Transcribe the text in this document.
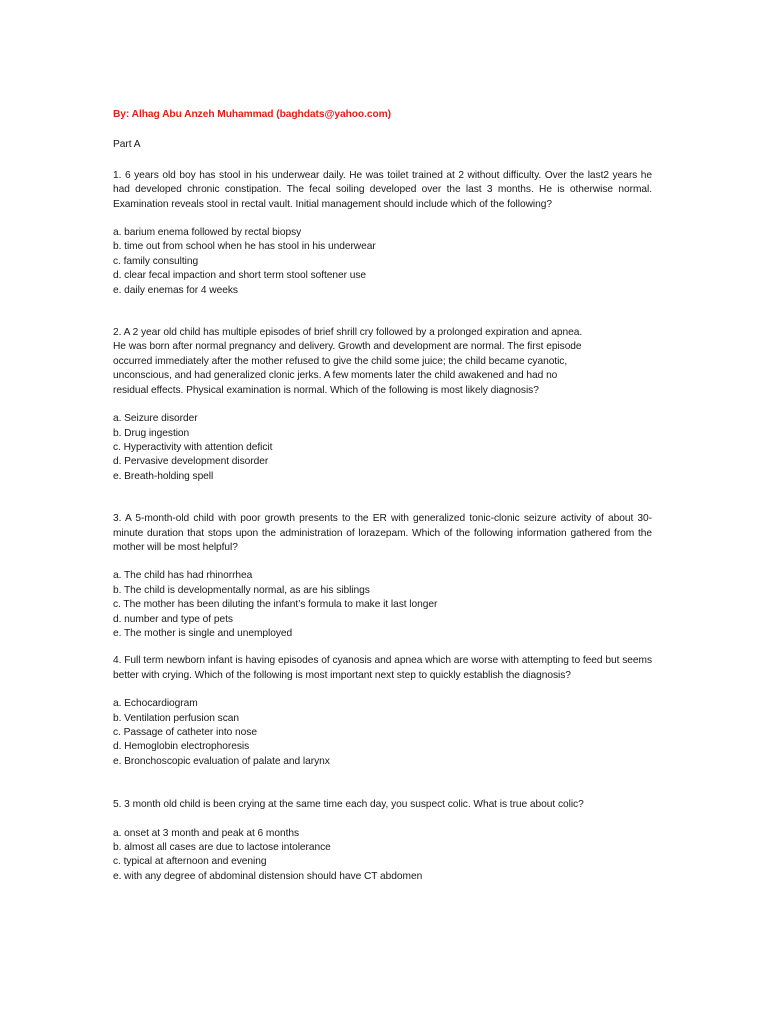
By: Alhag Abu Anzeh Muhammad (baghdats@yahoo.com)

Part A

1. 6 years old boy has stool in his underwear daily. He was toilet trained at 2 without difficulty. Over the last2 years he had developed chronic constipation. The fecal soiling developed over the last 3 months. He is otherwise normal. Examination reveals stool in rectal vault. Initial management should include which of the following?

a. barium enema followed by rectal biopsy
b. time out from school when he has stool in his underwear
c. family consulting
d. clear fecal impaction and short term stool softener use
e. daily enemas for 4 weeks

2. A 2 year old child has multiple episodes of brief shrill cry followed by a prolonged expiration and apnea.

He was born after normal pregnancy and delivery. Growth and development are normal. The first episode

occurred immediately after the mother refused to give the child some juice; the child became cyanotic,

unconscious, and had generalized clonic jerks. A few moments later the child awakened and had no

residual effects. Physical examination is normal. Which of the following is most likely diagnosis?

a. Seizure disorder
b. Drug ingestion
c. Hyperactivity with attention deficit
d. Pervasive development disorder
e. Breath-holding spell

3. A 5-month-old child with poor growth presents to the ER with generalized tonic-clonic seizure activity of about 30-minute duration that stops upon the administration of lorazepam. Which of the following information gathered from the mother will be most helpful?

a. The child has had rhinorrhea
b. The child is developmentally normal, as are his siblings
c. The mother has been diluting the infant’s formula to make it last longer
d. number and type of pets
e. The mother is single and unemployed

4. Full term newborn infant is having episodes of cyanosis and apnea which are worse with attempting to feed but seems better with crying. Which of the following is most important next step to quickly establish the diagnosis?

a. Echocardiogram
b. Ventilation perfusion scan
c. Passage of catheter into nose
d. Hemoglobin electrophoresis
e. Bronchoscopic evaluation of palate and larynx

5. 3 month old child is been crying at the same time each day, you suspect colic. What is true about colic?

a. onset at 3 month and peak at 6 months
b. almost all cases are due to lactose intolerance
c. typical at afternoon and evening
e. with any degree of abdominal distension should have CT abdomen
